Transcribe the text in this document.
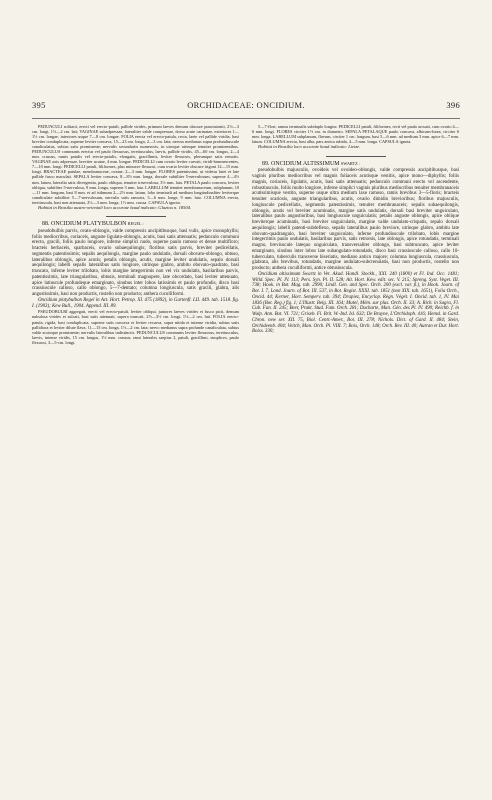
395	ORCHIDACEAE: ONCIDIUM.	396

PEDUNCULI solitarii, erecti vel erecto-patuli, pallide virides, primum laeves demum obscure punctatoniti, 2½—3 cm. longi, 1½—2 cm. lati; VAGINAE subadpressae, lateraliter valde compressae, dorso acute carinatae, exteriores 1—1½ cm. longae, interiores usque 7—8 cm. longae. FOLIA erecta vel erecto-patula, recta, laete vel pallide viridia, basi breviter conduplicata, superne leviter concava, 15—23 cm. longa, 2—3 cm. lata; nervus medianus supra profundiuscule canaliculatus, subtus satis prominente; nervulis secundariis numerosis, in utroque utrinque tenuiter prominentibus. PEDUNCULUS communis erectus vel paulo flexuosus, teretiusculus, laevis, pallide viridis, 45—60 cm. longus, 2—4 mm. crassus, ramis patulis vel erecto-patulis, elongatis, gracillimis, leviter flexuosis, plerumque satis remotis. VAGINAE axis adpressae, breviter acutae, 4 mm. longae. PEDICELLI cum ovario leviter curvati, viridi-brunnescentes, 7—10 mm. longi. PEDICELLI patuli, filiformes, plus minusve flexuosi, cum ovario leviter obscure trigoni 12—15 mm. longi. BRACTEAE patulae, membranaceae, ovatae, 2—3 mm. longae. FLORES patentissimi, ut videtur lutei et late pallide fusco maculati. SEPALA leviter concava, 8—8½ mm. longa, dorsale subtiliter 5-nervulosum, superne 4—4½ mm. latum, lateralia satis divergentia, paulo obliqua, tenuiter triservulosa, 3½ mm. lata. PETALA paulo concava, leviter obliqua, subtiliter 5-nervulosa, 9 mm. longa, superne 3 mm. lata. LABELLUM tenuiter membranaceum, subplanum, 10—11 mm. longum, basi 8 mm. et ad isthmum 2—2½ mm. latum, lobo terminali ad medium longitudinaliter leviterque canaliculate subtiliter 5—7-nervulosum, nervulis satis ramosis, 5—6 mm. longe, 9 mm. lato. COLUMNA erecta, teretiuscula, basi non attenuata, 2½—3 mm. longa, 1½ mm. crassa. CAPSULA ignota.

Habitat in Brasilia austro-orientali loco accurate haud indicato: Glaziou n. 18504.

88. ONCIDIUM PLATYBULBON REGEL :

pseudobulbis parvis, ovato-oblongis, valde compressis ancipitibusque, basi vulis, apice monophyllis; foliis mediocribus, coriaceis, anguste ligulato-oblongis, acutis, basi satis attenuatis; pedunculo communi erecto, gracili, foliis paulo longiore, inferne simplici nudo, superne paulo ramoso et dense multifloro; bracteis herbaceis, sparbaceis, ovario subaequilongis; floribus satis parvis, breviter pedicellatis, segmentis patentissimis; sepalis aequilongis, margine paulo undulatis, dorsali obovato-oblongo, obtuso, lateralibus oblongis, apice acutis; petalis oblongis, acutis, margine leviter undulatis, sepalo dorsali aequilongis; labelli sepalis lateralibus satis longiore, utrinque glabro, ambitu obovato-quadrato, basi truncato, inferne leviter trilobato, lobis margine integerrimis non vel vix undulatis, basilaribus parvis, patentissimis, late triangularibus, obtusis, terminali magnopere, late obcordato, basi leviter attenuato, apice latiuscule profundeque emarginato, sinubus inter lobos latissimis et paulo profundis, disco basi crassiuscule calloso, callo oblongo, 5—7-dentato; columna longiuscula, satis gracili, glabra, alis angustissimis, basi non productis, rostello non producto; anthera cuculliformi.

Oncidium platybulbon Regel in Act. Hort. Petrop. XI. 475 (1892), in Gartenfl. LII. 449. tab. 1518. fig. I. (1903); Kew Bull., 1904. Append. III. 89.

PSEUDOBULBI aggregati, erecti vel erecto-patuli, leviter obliqui, juniores laeves virides et fusco picti, demum nubulosa virides et sulcati, basi satis attenuati, supera truncati, 2½—3½ cm. longi, 1½—2 cm. lati. FOLIA erecto-patula, rigida, basi conduplicata, superne satis concava et leviter recurva, supra nitida et intense viridia, subtus satis pallidiora et leviter dilute flava, 11—15 cm. longa, 1½—2 cm. lata; nervo medianus supra profunde canaliculata, subtus valde acutoque prominente; nervulis lateralibus indistinctis. PEDUNCULUS communis leviter flexuosus, teretiusculus, laevis, intense viridis, 15 cm. longus, 1½ mm. crassus; rami laterales saepius 2, patuli, gracillimi, simplices, paulo flexuosi, 3—5-cm. longi,

5—7-flori; ramus terminalis subduplo longior. PEDICELLI patuli, filiformes, recti vel paulo arcuati, cum ovario 4—6 mm. longi. FLORES circiter 1½ cm. in diametro. SEPALA PETALAQUE paulo concava, albicans-lutea, circiter 6 mm. longa. LABELLUM subplanum, flavum, circiter 1 cm. longum, basi 5—6 mm. ad medium 3 mm. apice 6—7 mm. latum. COLUMNA erecta, basi alba, pars antica rubida, 4—5 mm. longa. CAPSULA ignota.

Habitat in Brasilia loco accurate haud indicato: Lietze.

89. ONCIDIUM ALTISSIMUM SWARTZ :

pseudobulbis majusculis, ovoideis vel ovoideo-oblongis, valde compressis ancipitibusque, basi vaginis pluribus mediocribus vel magnis foliaceis acutisque vestitis, apice mono—diphyllis; foliis magnis, coriaceis, ligulatis, acutis, basi satis attenuatis; pedunculo communi erecto vel ascendente, robustiusculo, foliis multo longiore, inferne simplici vaginis pluribus mediocribus tenuiter membranaceis acutissimisque vestito, superne usque ultra medium laxe ramoso, ramis brevibus 3—5-floris; bracteis tenuiter scariosis, anguste triangularibus, acutis, ovario dimidio brevioribus; floribus majusculis, longiuscule pedicellatis, segmentis patentissimis, tenuiter membranaceis; sepalis subaequilongis, oblongis, acutis vel breviter acuminatis, margine satis undulatis, dorsali basi breviter unguiculato, lateralibus paulo angustioribus, basi longiuscule unguiculatis; petalis anguste oblongis, apice oblique breviterque acuminatis, basi breviter unguiculatis, margine valde undulato-crispatis, sepalo dorsali aequilongis; labelli patenti-subdeflexo, sepalis lateralibus paulo breviore, utrinque glabro, ambitu late obovato-quadrangulo, basi breviter unguiculato, inferne profundiuscule trilobato, lobis margine integerrimis paulo undulatis, basilaribus parvis, satis retrorsis, late oblongis, apice rotundatis, terminali magno, breviuscule latequo unguiculato, transversaliter oblongo, basi subtruncato, apice leviter emarginato, sinubus inter lobos late subangulato-rotundatis, disco basi crassiuscule calloso, callo 10-tuberculato, tuberculis transverse biseriatis, mediano antico majore; columna longiuscula, crassiuscula, glabrata, alis brevibus, rotundatis, margine undulato-subcrenulatis, basi non productis, rostello non producto; anthera cuculliformi, antice obtusiuscula.

Oncidium altissimum Swartz in Vet. Akad. Handl. Stockh., XXI. 240 (1800) et Fl. Ind. Occ. 1481; Willd. Spec. Pl. IV. 113; Pers. Syn. Pl. II. 528; Ait. Hort. Kew. edit. sec. V. 215; Spreng. Syst. Veget. III. 738; Hook. in Bot. Mag. tab. 2990; Lindl. Gen. and Spec. Orch. 200 (excl. var. β.), in Hook. Journ. of Bot. I. 7, Lond. Journ. of Bot. III. 537, in Bot. Regist. XXXI. tab. 1851 (non XIX. tab. 1651), Folia Orch., Oncid. 44; Kerner, Hort. Semperv. tab. 394; Drapiez, Encyclop. Règn. Végét. I. Oncid. tab. 1, IV. Mai 1836 (Bot. Reg.) fig. 1; L'Illustr. Belg. III. 164; Mutel, Mém. sur plus. Orch. II. 33; A. Rich. in Sagra, Fl. Cub. Fan. II. 245; Beer, Prakt. Stud. Fam. Orch. 281; Ducharte, Man. Gén. des Pl. IV. 490; Reichb. f. in Walp. Ann. Bot. VI. 721; Griseb. Fl. Brit. W.-Ind. Isl. 632; De Bruyne, L'Orchidoph. 416; Hemsl. in Gard. Chron. new ser. XII. 75, Biol. Centr.-Amer., Bot. III. 278; Nichols. Dict. of Gard. II. 484; Stein, Orchideenb. 404; Veitch, Man. Orch. Pl. VIII. 7; Bois, Orch. 148; Orch. Rev. III. 40; Autran et Dur. Hort. Boiss. 330;
